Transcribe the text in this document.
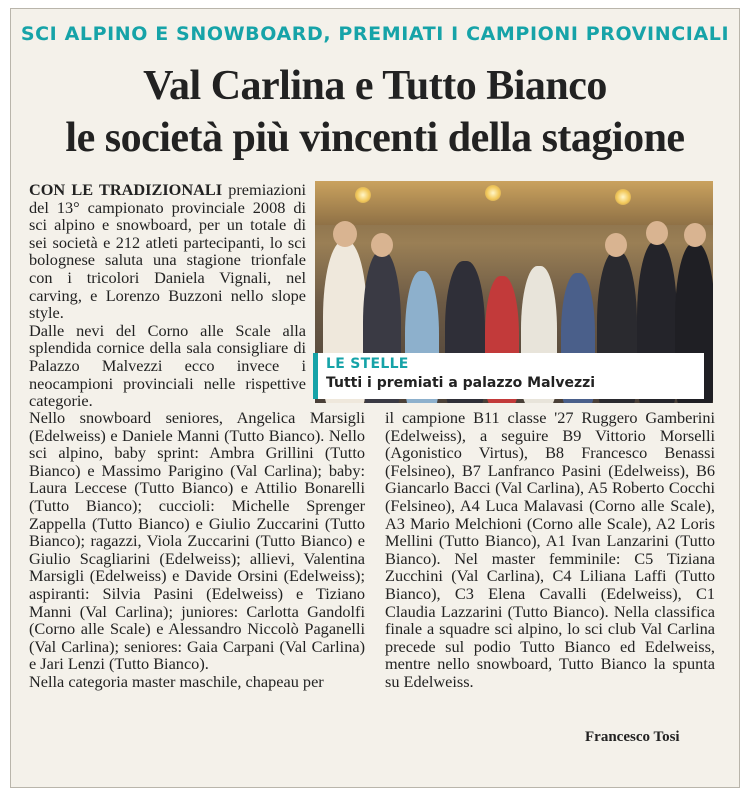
SCI ALPINO E SNOWBOARD, PREMIATI I CAMPIONI PROVINCIALI
Val Carlina e Tutto Bianco
le società più vincenti della stagione

CON LE TRADIZIONALI premiazioni del 13° campionato provinciale 2008 di sci alpino e snowboard, per un totale di sei società e 212 atleti partecipanti, lo sci bolognese saluta una stagione trionfale con i tricolori Daniela Vignali, nel carving, e Lorenzo Buzzoni nello slope style.

Dalle nevi del Corno alle Scale alla splendida cornice della sala consigliare di Palazzo Malvezzi ecco invece i neocampioni provinciali nelle rispettive categorie.

LE STELLE
Tutti i premiati a palazzo Malvezzi

Nello snowboard seniores, Angelica Marsigli (Edelweiss) e Daniele Manni (Tutto Bianco). Nello sci alpino, baby sprint: Ambra Grillini (Tutto Bianco) e Massimo Parigino (Val Carlina); baby: Laura Leccese (Tutto Bianco) e Attilio Bonarelli (Tutto Bianco); cuccioli: Michelle Sprenger Zappella (Tutto Bianco) e Giulio Zuccarini (Tutto Bianco); ragazzi, Viola Zuccarini (Tutto Bianco) e Giulio Scagliarini (Edelweiss); allievi, Valentina Marsigli (Edelweiss) e Davide Orsini (Edelweiss); aspiranti: Silvia Pasini (Edelweiss) e Tiziano Manni (Val Carlina); juniores: Carlotta Gandolfi (Corno alle Scale) e Alessandro Niccolò Paganelli (Val Carlina); seniores: Gaia Carpani (Val Carlina) e Jari Lenzi (Tutto Bianco).

Nella categoria master maschile, chapeau per

il campione B11 classe '27 Ruggero Gamberini (Edelweiss), a seguire B9 Vittorio Morselli (Agonistico Virtus), B8 Francesco Benassi (Felsineo), B7 Lanfranco Pasini (Edelweiss), B6 Giancarlo Bacci (Val Carlina), A5 Roberto Cocchi (Felsineo), A4 Luca Malavasi (Corno alle Scale), A3 Mario Melchioni (Corno alle Scale), A2 Loris Mellini (Tutto Bianco), A1 Ivan Lanzarini (Tutto Bianco). Nel master femminile: C5 Tiziana Zucchini (Val Carlina), C4 Liliana Laffi (Tutto Bianco), C3 Elena Cavalli (Edelweiss), C1 Claudia Lazzarini (Tutto Bianco). Nella classifica finale a squadre sci alpino, lo sci club Val Carlina precede sul podio Tutto Bianco ed Edelweiss, mentre nello snowboard, Tutto Bianco la spunta su Edelweiss.

Francesco Tosi
